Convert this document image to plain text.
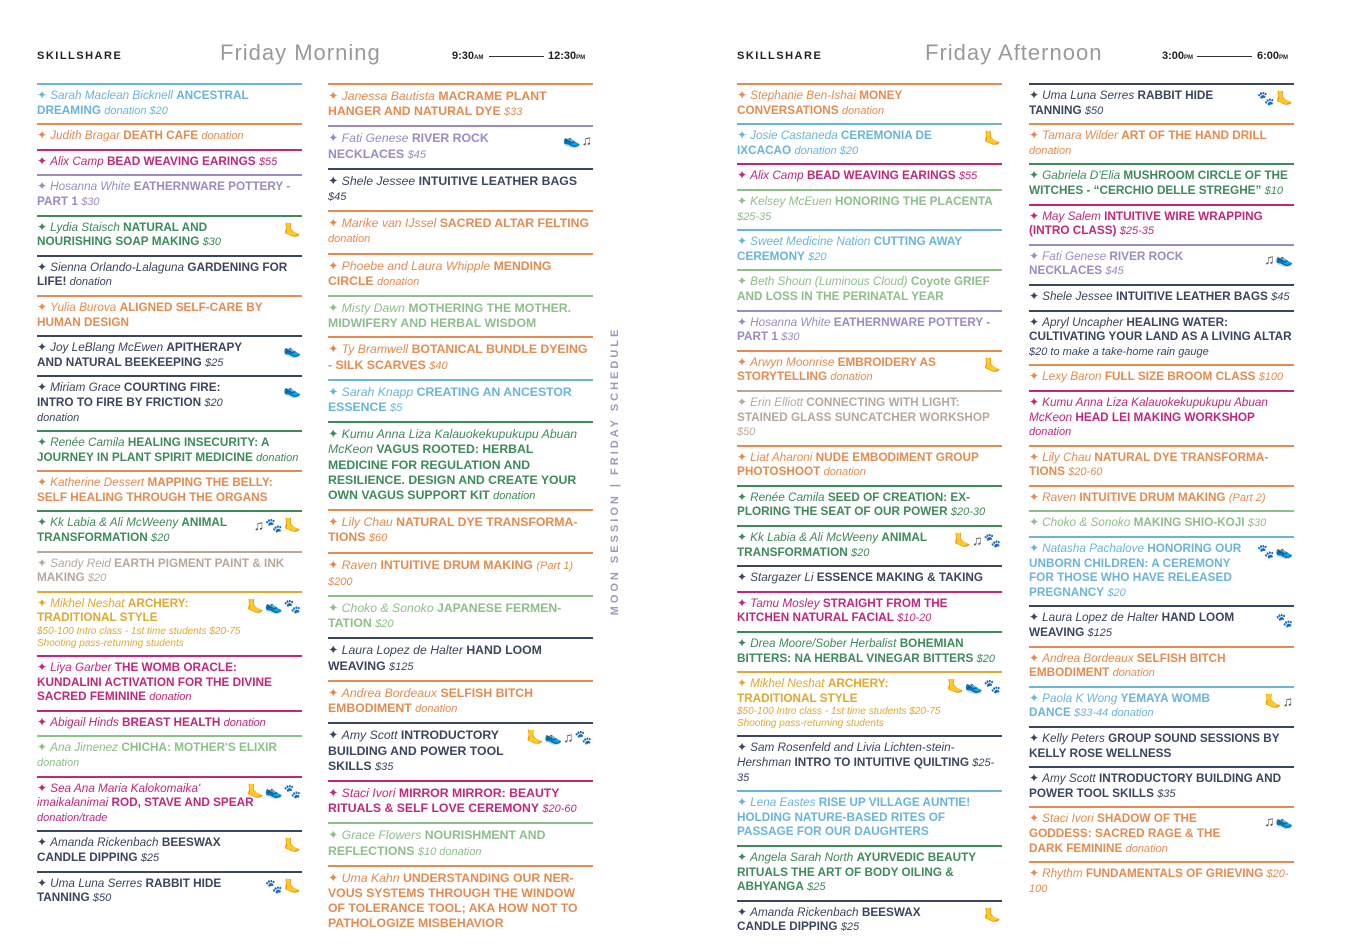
SKILLSHARE	Friday Morning	9:30AM	12:30PM
✦ Sarah Maclean Bicknell ANCESTRAL DREAMING donation $20
✦ Judith Bragar DEATH CAFE donation
✦ Alix Camp BEAD WEAVING EARINGS $55
✦ Hosanna White EATHERNWARE POTTERY -PART 1 $30
✦ Lydia Staisch NATURAL AND NOURISHING SOAP MAKING $30
🦶
✦ Sienna Orlando-Lalaguna GARDENING FOR LIFE! donation
✦ Yulia Burova ALIGNED SELF-CARE BY HUMAN DESIGN
✦ Joy LeBlang McEwen APITHERAPY AND NATURAL BEEKEEPING $25
👟
✦ Miriam Grace COURTING FIRE: INTRO TO FIRE BY FRICTION $20 donation
👟
✦ Renée Camila HEALING INSECURITY: A JOURNEY IN PLANT SPIRIT MEDICINE donation
✦ Katherine Dessert MAPPING THE BELLY: SELF HEALING THROUGH THE ORGANS
✦ Kk Labia & Ali McWeeny ANIMAL TRANSFORMATION $20
♫🐾🦶
✦ Sandy Reid EARTH PIGMENT PAINT & INK MAKING $20
✦ Mikhel Neshat ARCHERY: TRADITIONAL STYLE
$50-100 Intro class - 1st time students $20-75 Shooting pass-returning students
🦶👟🐾
✦ Liya Garber THE WOMB ORACLE: KUNDALINI ACTIVATION FOR THE DIVINE SACRED FEMININE donation
✦ Abigail Hinds BREAST HEALTH donation
✦ Ana Jimenez CHICHA: MOTHER'S ELIXIR donation
✦ Sea Ana Maria Kalokomaika' imaikalanimai ROD, STAVE AND SPEAR donation/trade
🦶👟🐾
✦ Amanda Rickenbach BEESWAX CANDLE DIPPING $25
🦶
✦ Uma Luna Serres RABBIT HIDE TANNING $50
🐾🦶
✦ Janessa Bautista MACRAME PLANT HANGER AND NATURAL DYE $33
✦ Fati Genese RIVER ROCK NECKLACES $45
👟♫
✦ Shele Jessee INTUITIVE LEATHER BAGS $45
✦ Marike van IJssel SACRED ALTAR FELTING donation
✦ Phoebe and Laura Whipple MENDING CIRCLE donation
✦ Misty Dawn MOTHERING THE MOTHER. MIDWIFERY AND HERBAL WISDOM
✦ Ty Bramwell BOTANICAL BUNDLE DYEING - SILK SCARVES $40
✦ Sarah Knapp CREATING AN ANCESTOR ESSENCE $5
✦ Kumu Anna Liza Kalauokekupukupu Abuan McKeon VAGUS ROOTED: HERBAL MEDICINE FOR REGULATION AND RESILIENCE. DESIGN AND CREATE YOUR OWN VAGUS SUPPORT KIT donation
✦ Lily Chau NATURAL DYE TRANSFORMA-TIONS $60
✦ Raven INTUITIVE DRUM MAKING (Part 1) $200
✦ Choko & Sonoko JAPANESE FERMEN-TATION $20
✦ Laura Lopez de Halter HAND LOOM WEAVING $125
✦ Andrea Bordeaux SELFISH BITCH EMBODIMENT donation
✦ Amy Scott INTRODUCTORY BUILDING AND POWER TOOL SKILLS $35
🦶👟♫🐾
✦ Staci Ivori MIRROR MIRROR: BEAUTY RITUALS & SELF LOVE CEREMONY $20-60
✦ Grace Flowers NOURISHMENT AND REFLECTIONS $10 donation
✦ Uma Kahn UNDERSTANDING OUR NER-VOUS SYSTEMS THROUGH THE WINDOW OF TOLERANCE TOOL; AKA HOW NOT TO PATHOLOGIZE MISBEHAVIOR
MOON SESSION | FRIDAY SCHEDULE
SKILLSHARE	Friday Afternoon	3:00PM	6:00PM
✦ Stephanie Ben-Ishai MONEY CONVERSATIONS donation
✦ Josie Castaneda CEREMONIA DE IXCACAO donation $20
🦶
✦ Alix Camp BEAD WEAVING EARINGS $55
✦ Kelsey McEuen HONORING THE PLACENTA $25-35
✦ Sweet Medicine Nation CUTTING AWAY CEREMONY $20
✦ Beth Shoun (Luminous Cloud) Coyote GRIEF AND LOSS IN THE PERINATAL YEAR
✦ Hosanna White EATHERNWARE POTTERY - PART 1 $30
✦ Arwyn Moonrise EMBROIDERY AS STORYTELLING donation
🦶
✦ Erin Elliott CONNECTING WITH LIGHT: STAINED GLASS SUNCATCHER WORKSHOP $50
✦ Liat Aharoni NUDE EMBODIMENT GROUP PHOTOSHOOT donation
✦ Renée Camila SEED OF CREATION: EX-PLORING THE SEAT OF OUR POWER $20-30
✦ Kk Labia & Ali McWeeny ANIMAL TRANSFORMATION $20
🦶♫🐾
✦ Stargazer Li ESSENCE MAKING & TAKING
✦ Tamu Mosley STRAIGHT FROM THE KITCHEN NATURAL FACIAL $10-20
✦ Drea Moore/Sober Herbalist BOHEMIAN BITTERS: NA HERBAL VINEGAR BITTERS $20
✦ Mikhel Neshat ARCHERY: TRADITIONAL STYLE
$50-100 Intro class - 1st time students $20-75 Shooting pass-returning students
🦶👟🐾
✦ Sam Rosenfeld and Livia Lichten-stein-Hershman INTRO TO INTUITIVE QUILTING $25-35
✦ Lena Eastes RISE UP VILLAGE AUNTIE! HOLDING NATURE-BASED RITES OF PASSAGE FOR OUR DAUGHTERS
✦ Angela Sarah North AYURVEDIC BEAUTY RITUALS THE ART OF BODY OILING & ABHYANGA $25
✦ Amanda Rickenbach BEESWAX CANDLE DIPPING $25
🦶
✦ Uma Luna Serres RABBIT HIDE TANNING $50
🐾🦶
✦ Tamara Wilder ART OF THE HAND DRILL donation
✦ Gabriela D'Elia MUSHROOM CIRCLE OF THE WITCHES - “CERCHIO DELLE STREGHE” $10
✦ May Salem INTUITIVE WIRE WRAPPING (INTRO CLASS) $25-35
✦ Fati Genese RIVER ROCK NECKLACES $45
♫👟
✦ Shele Jessee INTUITIVE LEATHER BAGS $45
✦ Apryl Uncapher HEALING WATER: CULTIVATING YOUR LAND AS A LIVING ALTAR $20 to make a take-home rain gauge
✦ Lexy Baron FULL SIZE BROOM CLASS $100
✦ Kumu Anna Liza Kalauokekupukupu Abuan McKeon HEAD LEI MAKING WORKSHOP donation
✦ Lily Chau NATURAL DYE TRANSFORMA-TIONS $20-60
✦ Raven INTUITIVE DRUM MAKING (Part 2)
✦ Choko & Sonoko MAKING SHIO-KOJI $30
✦ Natasha Pachalove HONORING OUR UNBORN CHILDREN: A CEREMONY FOR THOSE WHO HAVE RELEASED PREGNANCY $20
🐾👟
✦ Laura Lopez de Halter HAND LOOM WEAVING $125
🐾
✦ Andrea Bordeaux SELFISH BITCH EMBODIMENT donation
✦ Paola K Wong YEMAYA WOMB DANCE $33-44 donation
🦶♫
✦ Kelly Peters GROUP SOUND SESSIONS BY KELLY ROSE WELLNESS
✦ Amy Scott INTRODUCTORY BUILDING AND POWER TOOL SKILLS $35
✦ Staci Ivori SHADOW OF THE GODDESS: SACRED RAGE & THE DARK FEMININE donation
♫👟
✦ Rhythm FUNDAMENTALS OF GRIEVING $20-100
